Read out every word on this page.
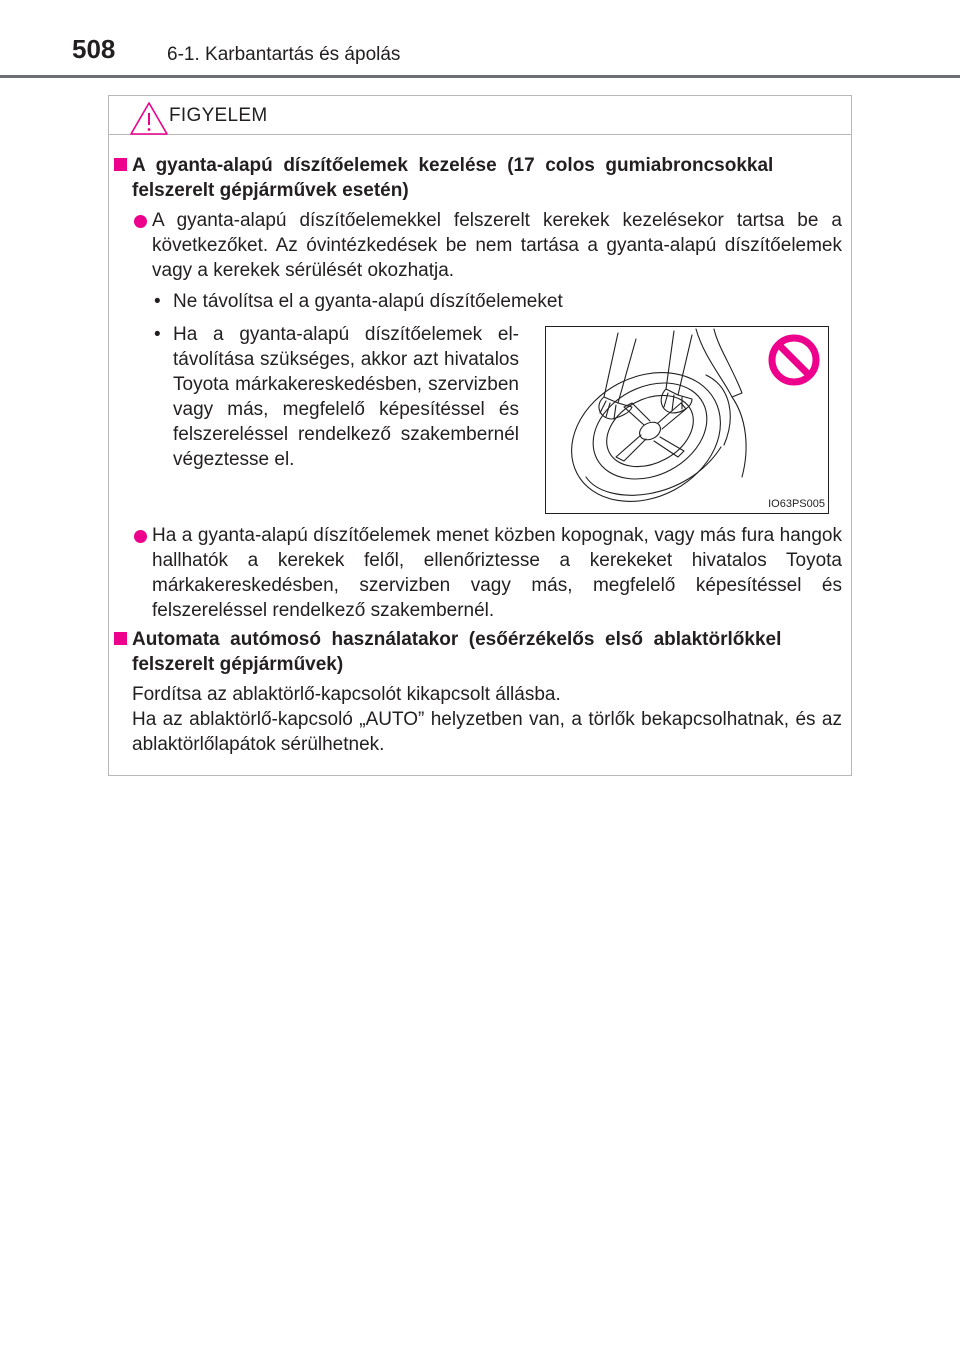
508	6-1. Karbantartás és ápolás
FIGYELEM
A  gyanta-alapú  díszítőelemek  kezelése  (17  colos  gumiabroncsokkal
felszerelt gépjárművek esetén)
A gyanta-alapú díszítőelemekkel felszerelt kerekek kezelésekor tartsa be a következőket. Az óvintézkedések be nem tartása a gyanta-alapú díszítőelemek vagy a kerekek sérülését okozhatja.
• Ne távolítsa el a gyanta-alapú díszítőelemeket
• Ha a gyanta-alapú díszítőelemek eltávolítása szükséges, akkor azt hivatalos Toyota márkakereskedésben, szervizben vagy más, megfelelő képesítéssel és felszereléssel rendelkező szakembernél végeztesse el.
IO63PS005
Ha a gyanta-alapú díszítőelemek menet közben kopognak, vagy más fura hangok hallhatók a kerekek felől, ellenőriztesse a kerekeket hivatalos Toyota márkakereskedésben, szervizben vagy más, megfelelő képesítéssel és felszereléssel rendelkező szakembernél.
Automata  autómosó  használatakor  (esőérzékelős  első  ablaktörlőkkel
felszerelt gépjárművek)
Fordítsa az ablaktörlő-kapcsolót kikapcsolt állásba.
Ha az ablaktörlő-kapcsoló „AUTO” helyzetben van, a törlők bekapcsolhatnak, és az ablaktörlőlapátok sérülhetnek.
